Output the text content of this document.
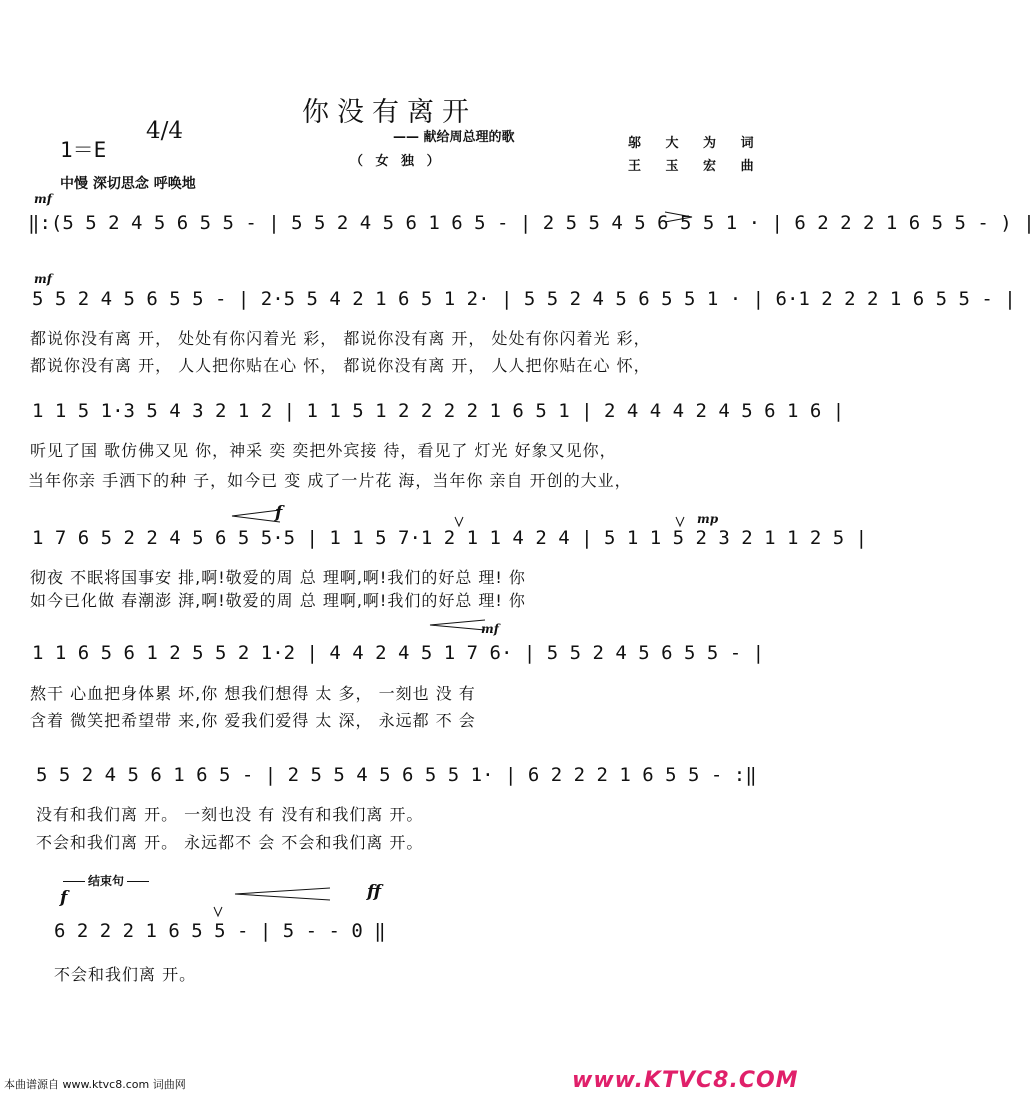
你没有离开
1＝E
4/4	—— 献给周总理的歌
（ 女 独 ）
邬 大 为 词
王 玉 宏 曲
中慢 深切思念 呼唤地
mf
mf
f	mp
mf
f	ff
‖:(5 5 2 4 5 6 5 5 - | 5 5 2 4 5 6 1 6 5 - | 2 5 5 4 5 6 5 5 1 · | 6 2 2 2 1 6 5 5 - ) |
5 5 2 4 5 6 5 5 - | 2·5 5 4 2 1 6 5 1 2· | 5 5 2 4 5 6 5 5 1 · | 6·1 2 2 2 1 6 5 5 - |
都说你没有离 开， 处处有你闪着光 彩， 都说你没有离 开， 处处有你闪着光 彩，
都说你没有离 开， 人人把你贴在心 怀， 都说你没有离 开， 人人把你贴在心 怀，
1 1 5 1·3 5 4 3 2 1 2 | 1 1 5 1 2 2 2 2 1 6 5 1 | 2 4 4 4 2 4 5 6 1 6 |
听见了国 歌仿佛又见 你，神采 奕 奕把外宾接 待，看见了 灯光 好象又见你，
当年你亲 手洒下的种 子，如今已 变 成了一片花 海，当年你 亲自 开创的大业，
1 7 6 5 2 2 4 5 6 5 5·5 | 1 1 5 7·1 2 1 1 4 2 4 | 5 1 1 5 2 3 2 1 1 2 5 |
彻夜 不眠将国事安 排,啊!敬爱的周 总 理啊,啊!我们的好总 理! 你
如今已化做 春潮澎 湃,啊!敬爱的周 总 理啊,啊!我们的好总 理! 你
1 1 6 5 6 1 2 5 5 2 1·2 | 4 4 2 4 5 1 7 6· | 5 5 2 4 5 6 5 5 - |
熬干 心血把身体累 坏,你 想我们想得 太 多， 一刻也 没 有
含着 微笑把希望带 来,你 爱我们爱得 太 深， 永远都 不 会
5 5 2 4 5 6 1 6 5 - | 2 5 5 4 5 6 5 5 1· | 6 2 2 2 1 6 5 5 - :‖
没有和我们离 开。 一刻也没 有 没有和我们离 开。
不会和我们离 开。 永远都不 会 不会和我们离 开。
结束句
6 2 2 2 1 6 5 5 - | 5 - - 0 ‖
不会和我们离 开。
本曲谱源自 www.ktvc8.com 词曲网	www.KTVC8.COM
